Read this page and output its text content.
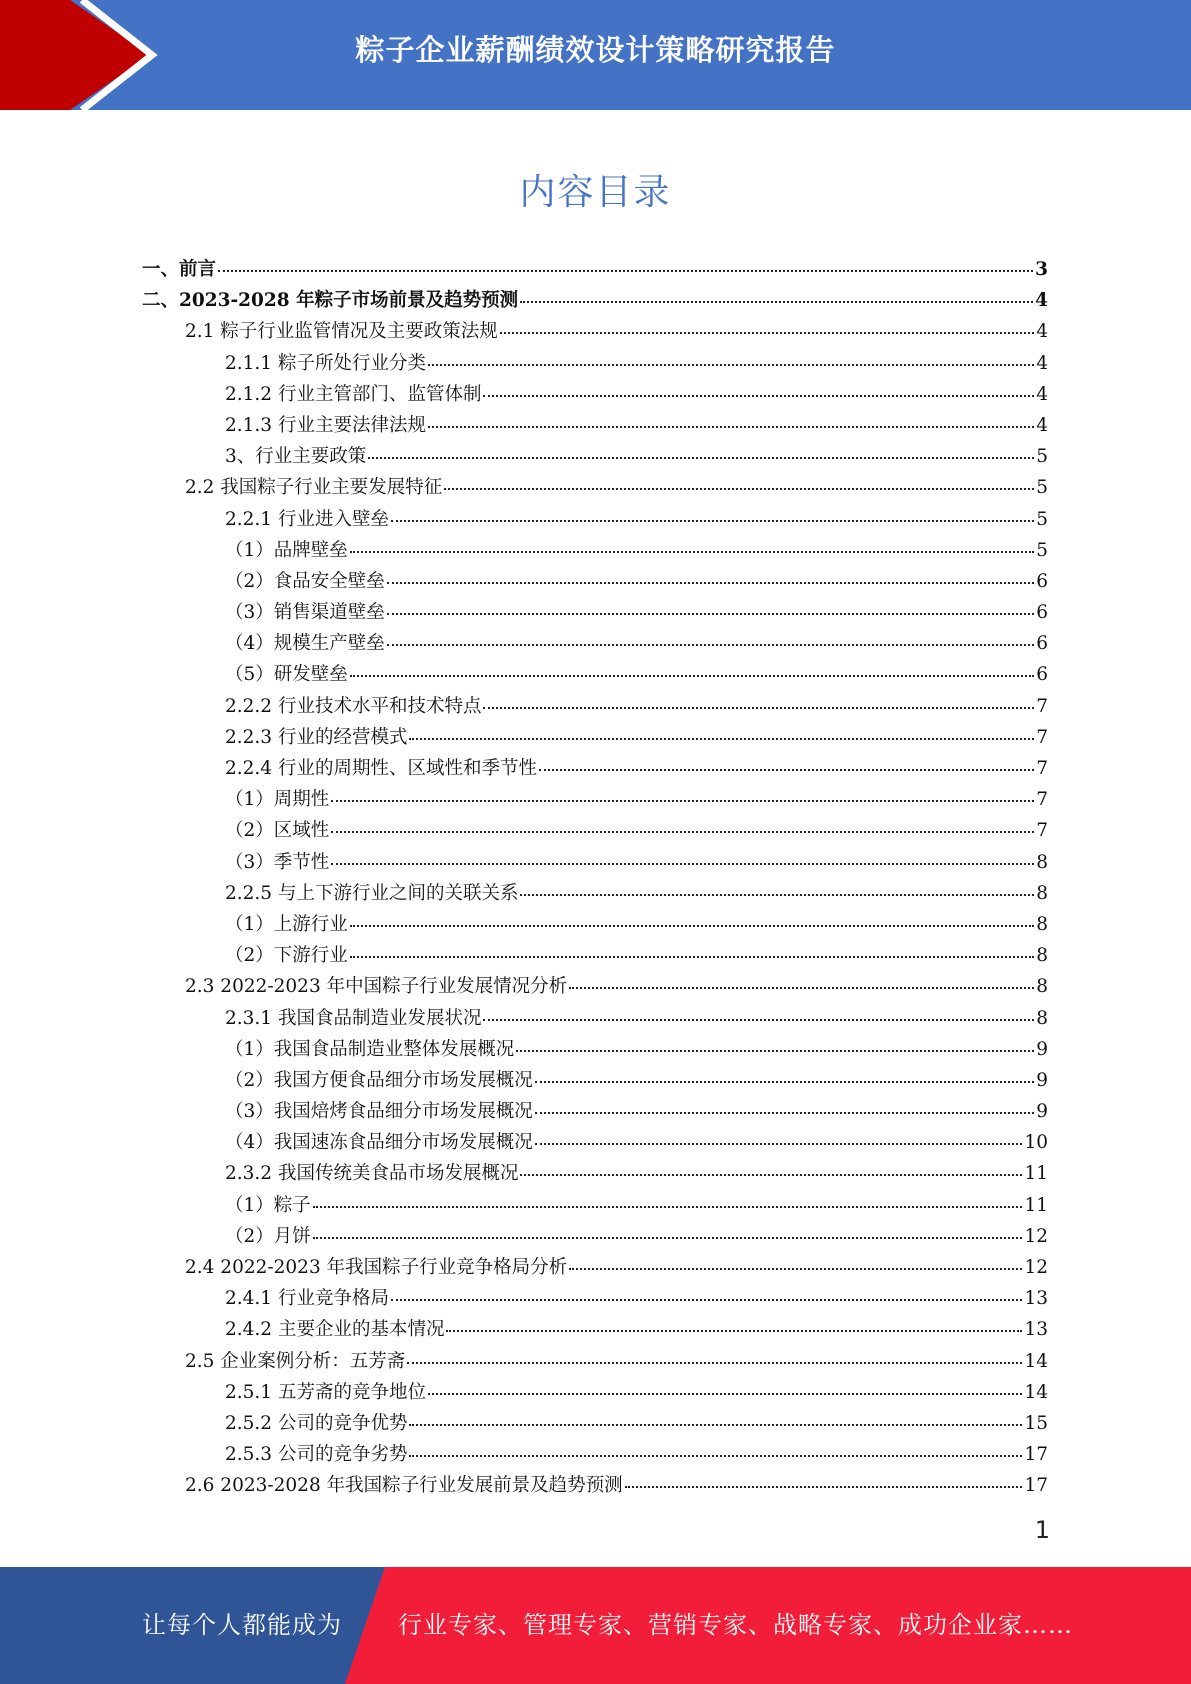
粽子企业薪酬绩效设计策略研究报告
内容目录
一、前言	3
二、2023-2028 年粽子市场前景及趋势预测	4
2.1 粽子行业监管情况及主要政策法规	4
2.1.1 粽子所处行业分类	4
2.1.2 行业主管部门、监管体制	4
2.1.3 行业主要法律法规	4
3、行业主要政策	5
2.2 我国粽子行业主要发展特征	5
2.2.1 行业进入壁垒	5
（1）品牌壁垒	5
（2）食品安全壁垒	6
（3）销售渠道壁垒	6
（4）规模生产壁垒	6
（5）研发壁垒	6
2.2.2 行业技术水平和技术特点	7
2.2.3 行业的经营模式	7
2.2.4 行业的周期性、区域性和季节性	7
（1）周期性	7
（2）区域性	7
（3）季节性	8
2.2.5 与上下游行业之间的关联关系	8
（1）上游行业	8
（2）下游行业	8
2.3 2022-2023 年中国粽子行业发展情况分析	8
2.3.1 我国食品制造业发展状况	8
（1）我国食品制造业整体发展概况	9
（2）我国方便食品细分市场发展概况	9
（3）我国焙烤食品细分市场发展概况	9
（4）我国速冻食品细分市场发展概况	10
2.3.2 我国传统美食品市场发展概况	11
（1）粽子	11
（2）月饼	12
2.4 2022-2023 年我国粽子行业竞争格局分析	12
2.4.1 行业竞争格局	13
2.4.2 主要企业的基本情况	13
2.5 企业案例分析：五芳斋	14
2.5.1 五芳斋的竞争地位	14
2.5.2 公司的竞争优势	15
2.5.3 公司的竞争劣势	17
2.6 2023-2028 年我国粽子行业发展前景及趋势预测	17
1
让每个人都能成为 行业专家、管理专家、营销专家、战略专家、成功企业家……
